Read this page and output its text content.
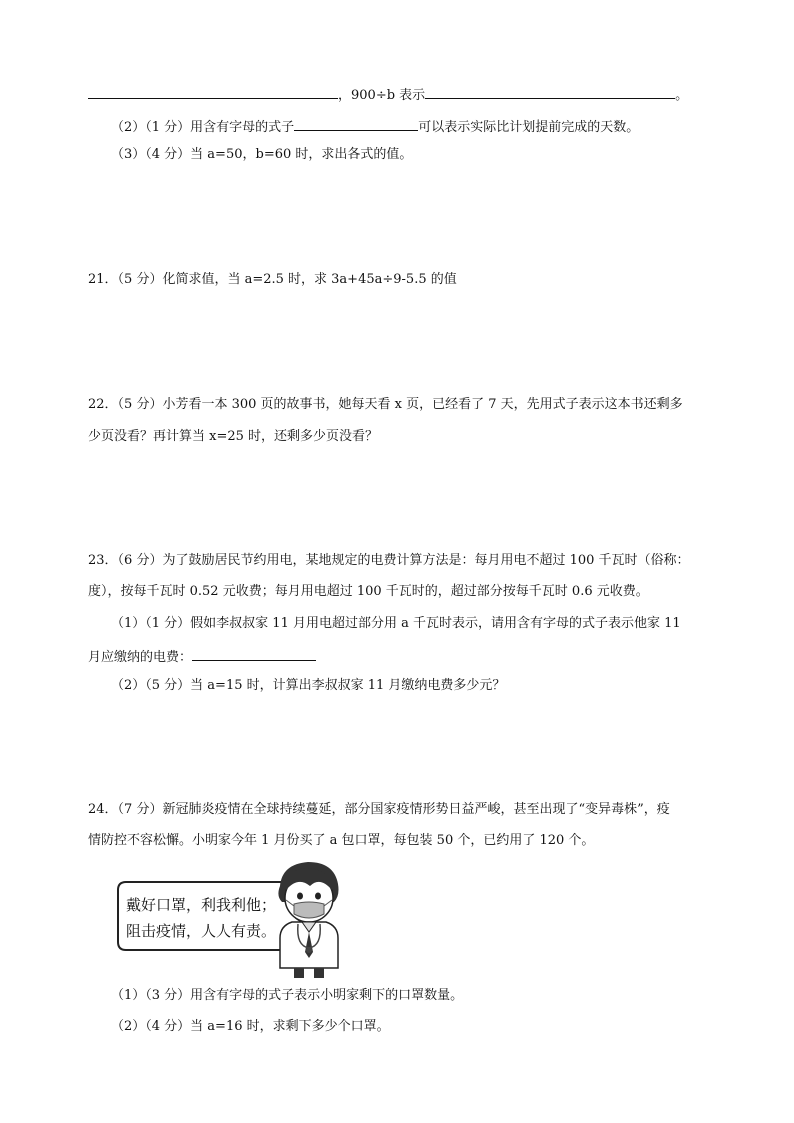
，900÷b 表示	。
（2）（1 分）用含有字母的式子	可以表示实际比计划提前完成的天数。
（3）（4 分）当 a=50，b=60 时，求出各式的值。
21．（5 分）化简求值，当 a=2.5 时，求 3a+45a÷9-5.5 的值
22．（5 分）小芳看一本 300 页的故事书，她每天看 x 页，已经看了 7 天，先用式子表示这本书还剩多
少页没看？再计算当 x=25 时，还剩多少页没看？
23．（6 分）为了鼓励居民节约用电，某地规定的电费计算方法是：每月用电不超过 100 千瓦时（俗称：
度），按每千瓦时 0.52 元收费；每月用电超过 100 千瓦时的，超过部分按每千瓦时 0.6 元收费。
（1）（1 分）假如李叔叔家 11 月用电超过部分用 a 千瓦时表示，请用含有字母的式子表示他家 11
月应缴纳的电费：
（2）（5 分）当 a=15 时，计算出李叔叔家 11 月缴纳电费多少元？
24．（7 分）新冠肺炎疫情在全球持续蔓延，部分国家疫情形势日益严峻，甚至出现了“变异毒株”，疫
情防控不容松懈。小明家今年 1 月份买了 a 包口罩，每包装 50 个，已约用了 120 个。
戴好口罩，利我利他；
阻击疫情，人人有责。
（1）（3 分）用含有字母的式子表示小明家剩下的口罩数量。
（2）（4 分）当 a=16 时，求剩下多少个口罩。
